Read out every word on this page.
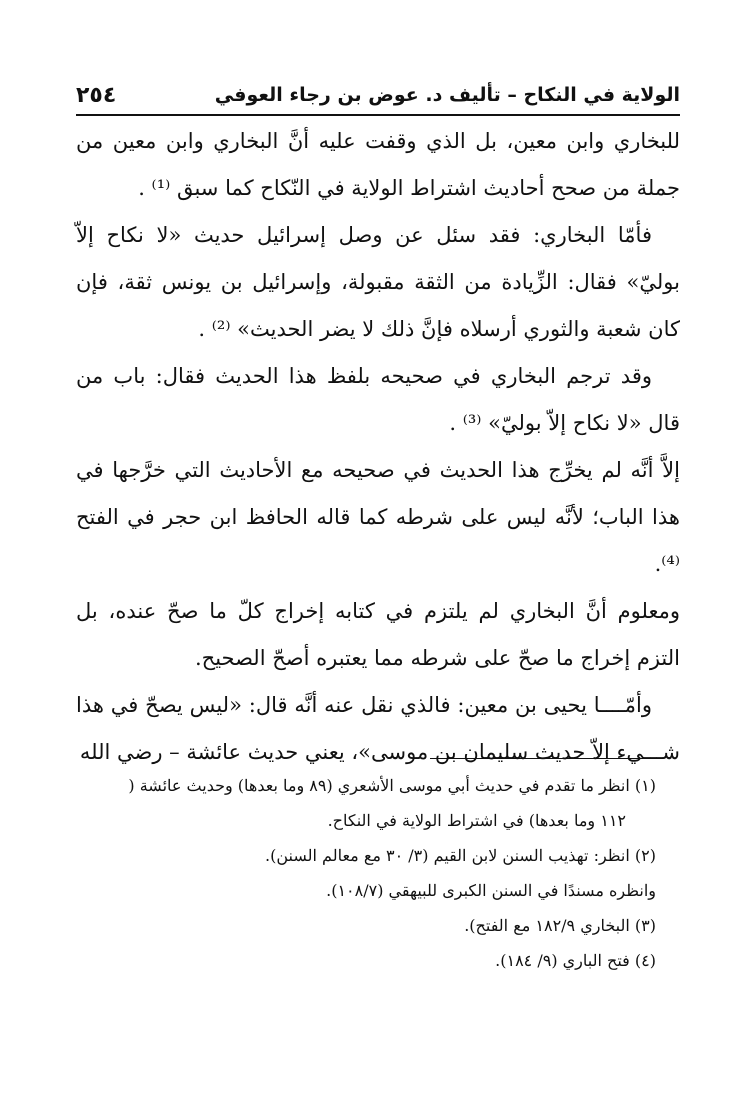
٢٥٤	الولاية في النكاح – تأليف د. عوض بن رجاء العوفي

للبخاري وابن معين، بل الذي وقفت عليه أنَّ البخاري وابن معين من جملة من صحح أحاديث اشتراط الولاية في النّكاح كما سبق ⁽¹⁾ .

فأمّا البخاري: فقد سئل عن وصل إسرائيل حديث «لا نكاح إلاّ بوليّ» فقال: الزِّيادة من الثقة مقبولة، وإسرائيل بن يونس ثقة، فإن كان شعبة والثوري أرسلاه فإنَّ ذلك لا يضر الحديث» ⁽²⁾ .

وقد ترجم البخاري في صحيحه بلفظ هذا الحديث فقال: باب من قال «لا نكاح إلاّ بوليّ» ⁽³⁾ .

إلاَّ أنَّه لم يخرِّج هذا الحديث في صحيحه مع الأحاديث التي خرَّجها في هذا الباب؛ لأنَّه ليس على شرطه كما قاله الحافظ ابن حجر في الفتح ⁽⁴⁾.

ومعلوم أنَّ البخاري لم يلتزم في كتابه إخراج كلّ ما صحّ عنده، بل التزم إخراج ما صحّ على شرطه مما يعتبره أصحّ الصحيح.

وأمّــــا يحيى بن معين: فالذي نقل عنه أنَّه قال: «ليس يصحّ في هذا شـــيء إلاّ حديث سليمان بن موسى»، يعني حديث عائشة – رضي الله

(١) انظر ما تقدم في حديث أبي موسى الأشعري (٨٩ وما بعدها) وحديث عائشة (

١١٢ وما بعدها) في اشتراط الولاية في النكاح.

(٢) انظر: تهذيب السنن لابن القيم (٣/ ٣٠ مع معالم السنن).

وانظره مسندًا في السنن الكبرى للبيهقي (١٠٨/٧).

(٣) البخاري ١٨٢/٩ مع الفتح).

(٤) فتح الباري (٩/ ١٨٤).
